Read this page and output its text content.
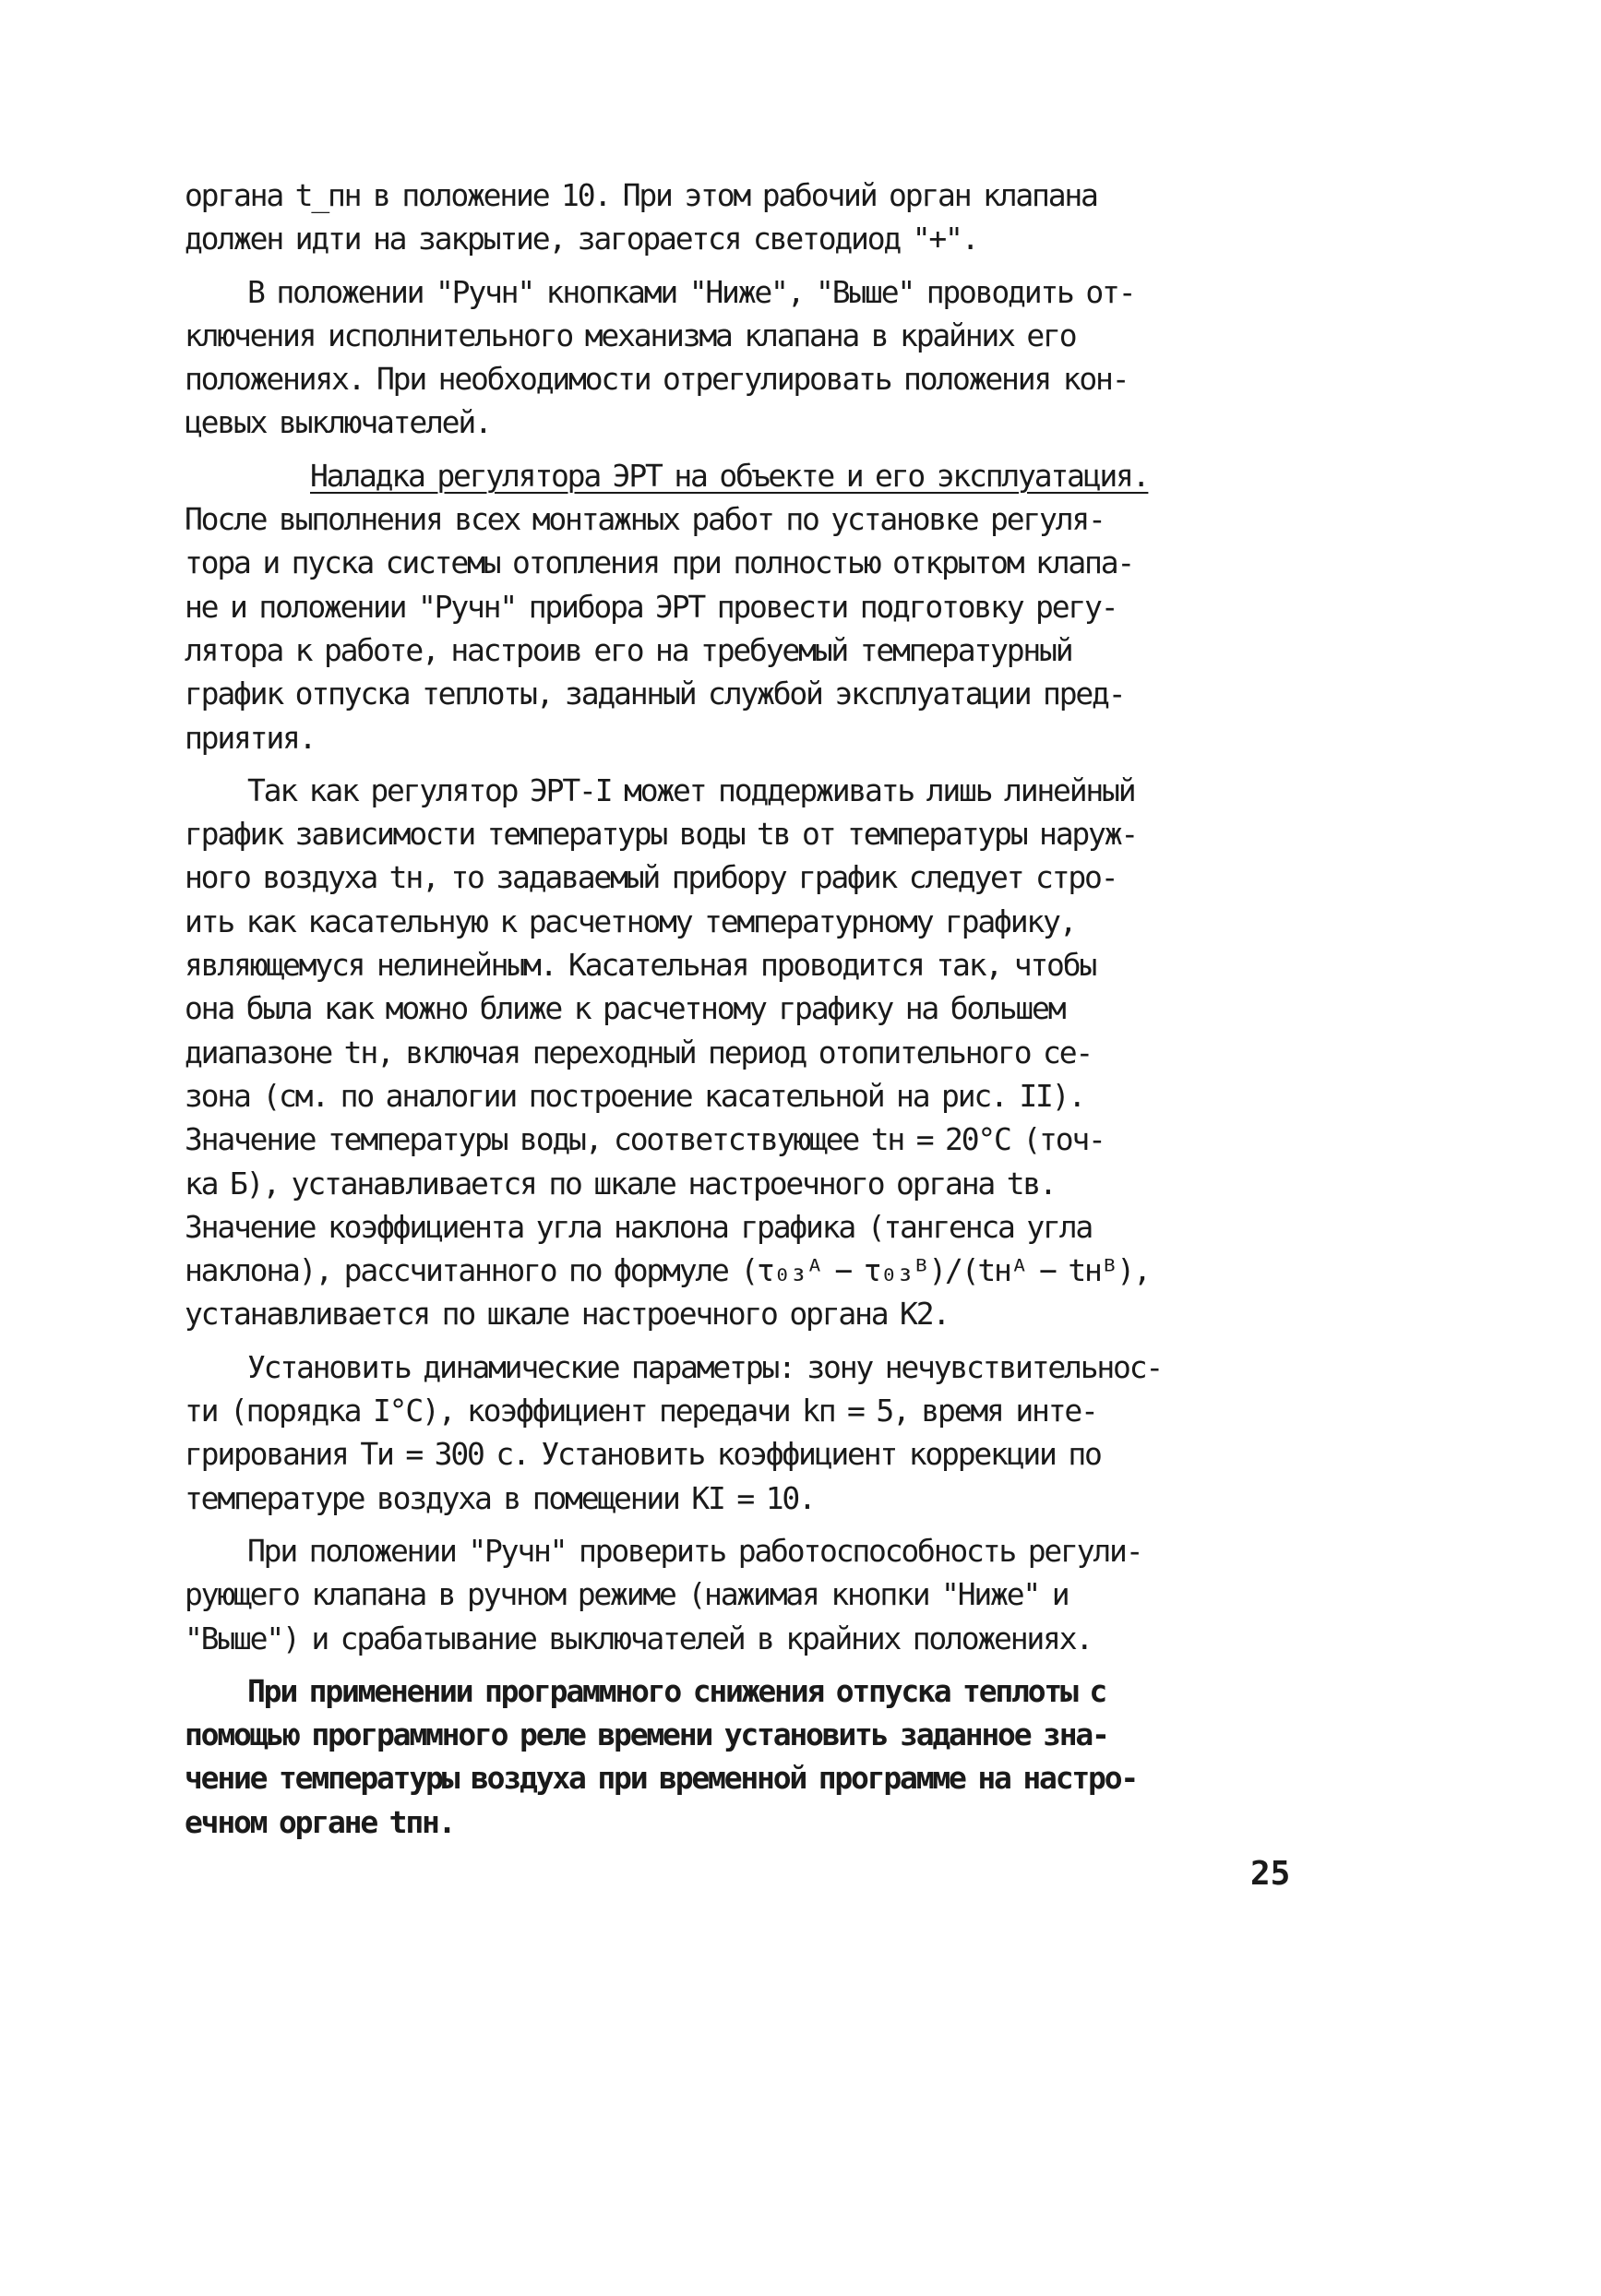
органа t_пн в положение 10. При этом рабочий орган клапана
должен идти на закрытие, загорается светодиод "+".

В положении "Ручн" кнопками "Ниже", "Выше" проводить от-
ключения исполнительного механизма клапана в крайних его
положениях. При необходимости отрегулировать положения кон-
цевых выключателей.

Наладка регулятора ЭРТ на объекте и его эксплуатация.

После выполнения всех монтажных работ по установке регуля-
тора и пуска системы отопления при полностью открытом клапа-
не и положении "Ручн" прибора ЭРТ провести подготовку регу-
лятора к работе, настроив его на требуемый температурный
график отпуска теплоты, заданный службой эксплуатации пред-
приятия.

Так как регулятор ЭРТ-I может поддерживать лишь линейный
график зависимости температуры воды tв от температуры наруж-
ного воздуха tн, то задаваемый прибору график следует стро-
ить как касательную к расчетному температурному графику,
являющемуся нелинейным. Касательная проводится так, чтобы
она была как можно ближе к расчетному графику на большем
диапазоне tн, включая переходный период отопительного се-
зона (см. по аналогии построение касательной на рис. II).
Значение температуры воды, соответствующее tн = 20°С (точ-
ка Б), устанавливается по шкале настроечного органа tв.
Значение коэффициента угла наклона графика (тангенса угла
наклона), рассчитанного по формуле (τ₀₃ᴬ − τ₀₃ᴮ)/(tнᴬ − tнᴮ),
устанавливается по шкале настроечного органа К2.

Установить динамические параметры: зону нечувствительнос-
ти (порядка I°С), коэффициент передачи kп = 5, время инте-
грирования Tи = 300 с. Установить коэффициент коррекции по
температуре воздуха в помещении КI = 10.

При положении "Ручн" проверить работоспособность регули-
рующего клапана в ручном режиме (нажимая кнопки "Ниже" и
"Выше") и срабатывание выключателей в крайних положениях.

При применении программного снижения отпуска теплоты с
помощью программного реле времени установить заданное зна-
чение температуры воздуха при временной программе на настро-
ечном органе tпн.

25
